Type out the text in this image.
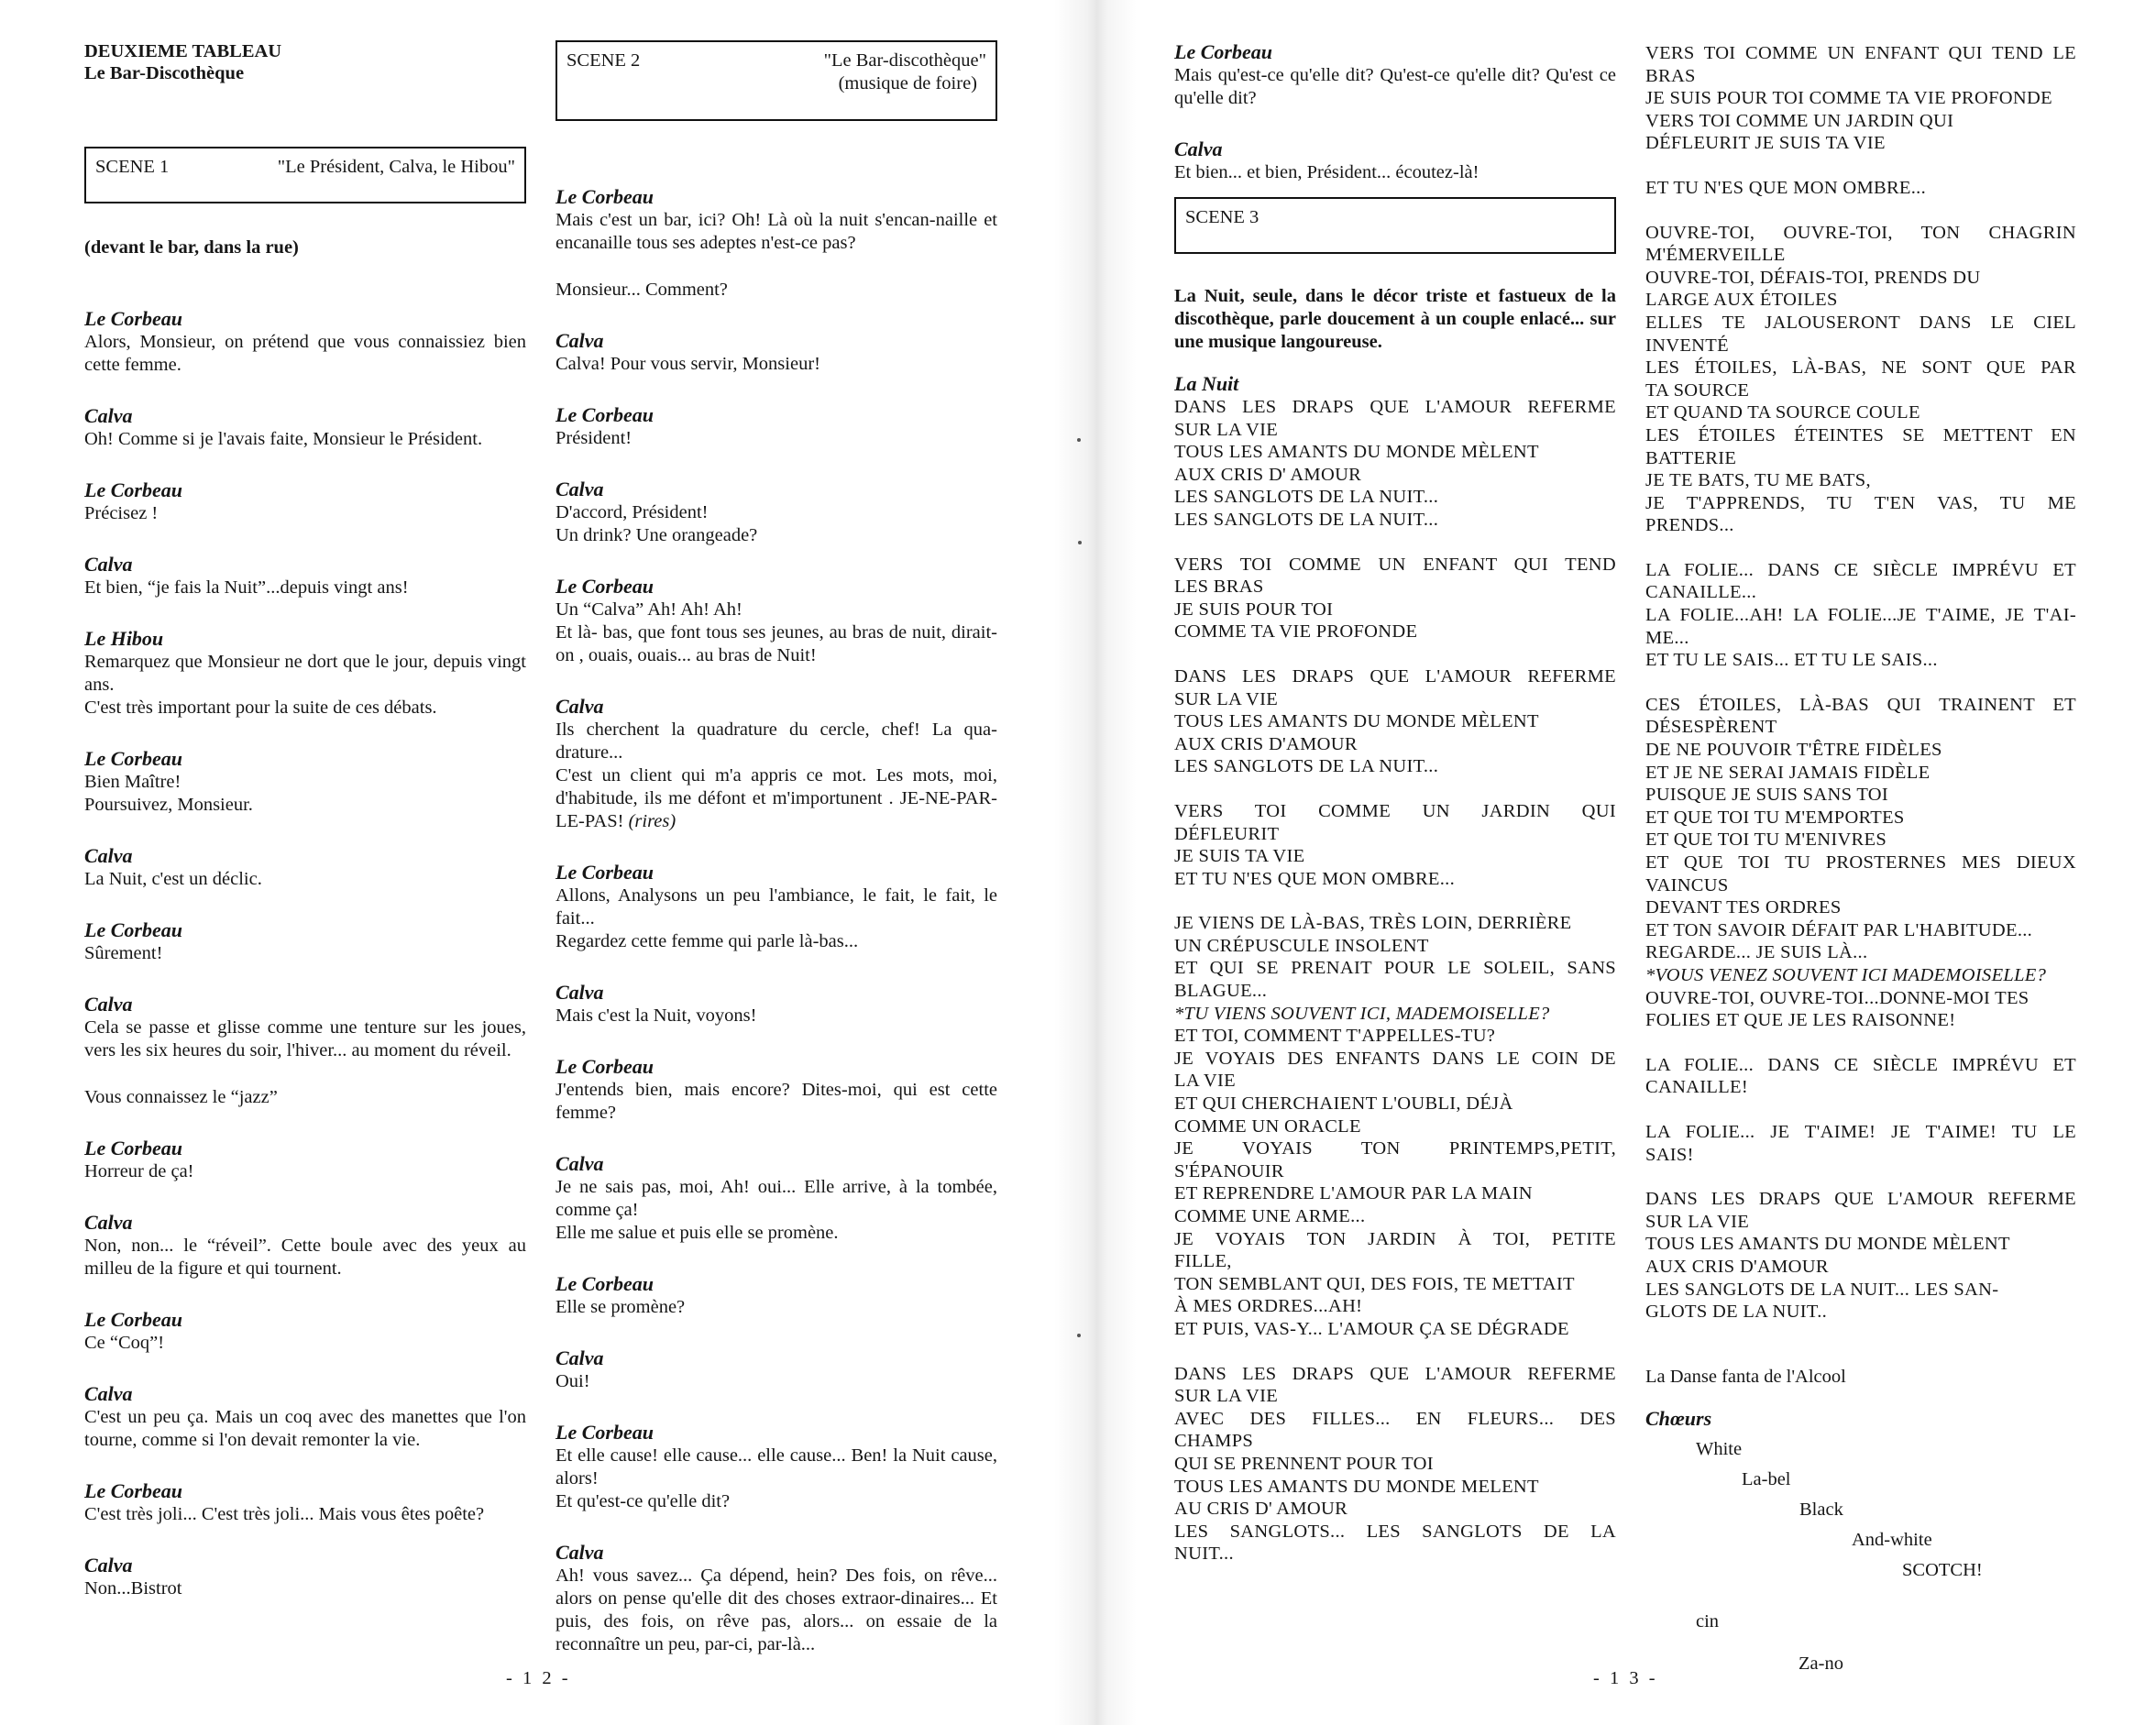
DEUXIEME TABLEAU
Le Bar-Discothèque
SCENE 1	"Le Président, Calva, le Hibou"
(devant le bar, dans la rue)
Le Corbeau
Alors, Monsieur, on prétend que vous connaissiez bien cette femme.
Calva
Oh! Comme si je l'avais faite, Monsieur le Président.
Le Corbeau
Précisez !
Calva
Et bien, “je fais la Nuit”...depuis vingt ans!
Le Hibou
Remarquez que Monsieur ne dort que le jour, depuis vingt ans.
C'est très important pour la suite de ces débats.
Le Corbeau
Bien Maître!
Poursuivez, Monsieur.
Calva
La Nuit, c'est un déclic.
Le Corbeau
Sûrement!
Calva
Cela se passe et glisse comme une tenture sur les joues, vers les six heures du soir, l'hiver... au moment du réveil.
Vous connaissez le “jazz”
Le Corbeau
Horreur de ça!
Calva
Non, non... le “réveil”. Cette boule avec des yeux au milleu de la figure et qui tournent.
Le Corbeau
Ce “Coq”!
Calva
C'est un peu ça. Mais un coq avec des manettes que l'on tourne, comme si l'on devait remonter la vie.
Le Corbeau
C'est très joli... C'est très joli... Mais vous êtes poête?
Calva
Non...Bistrot
SCENE 2	"Le Bar-discothèque"
(musique de foire)
Le Corbeau
Mais c'est un bar, ici? Oh! Là où la nuit s'encan-naille et encanaille tous ses adeptes n'est-ce pas?
Monsieur... Comment?
Calva
Calva! Pour vous servir, Monsieur!
Le Corbeau
Président!
Calva
D'accord, Président!
Un drink? Une orangeade?
Le Corbeau
Un “Calva” Ah! Ah! Ah!
Et là- bas, que font tous ses jeunes, au bras de nuit, dirait-on , ouais, ouais... au bras de Nuit!
Calva
Ils cherchent la quadrature du cercle, chef! La qua-drature...
C'est un client qui m'a appris ce mot. Les mots, moi, d'habitude, ils me défont et m'importunent . JE-NE-PAR-LE-PAS! (rires)
Le Corbeau
Allons, Analysons un peu l'ambiance, le fait, le fait, le fait...
Regardez cette femme qui parle là-bas...
Calva
Mais c'est la Nuit, voyons!
Le Corbeau
J'entends bien, mais encore? Dites-moi, qui est cette femme?
Calva
Je ne sais pas, moi, Ah! oui... Elle arrive, à la tombée, comme ça!
Elle me salue et puis elle se promène.
Le Corbeau
Elle se promène?
Calva
Oui!
Le Corbeau
Et elle cause! elle cause... elle cause... Ben! la Nuit cause, alors!
Et qu'est-ce qu'elle dit?
Calva
Ah! vous savez... Ça dépend, hein? Des fois, on rêve... alors on pense qu'elle dit des choses extraor-dinaires... Et puis, des fois, on rêve pas, alors... on essaie de la reconnaître un peu, par-ci, par-là...
- 1 2 -
Le Corbeau
Mais qu'est-ce qu'elle dit? Qu'est-ce qu'elle dit? Qu'est ce qu'elle dit?
Calva
Et bien... et bien, Président... écoutez-là!
SCENE 3
La Nuit, seule, dans le décor triste et fastueux de la discothèque, parle doucement à un couple enlacé... sur une musique langoureuse.
La Nuit
DANS LES DRAPS QUE L'AMOUR REFERME
SUR LA VIE
TOUS LES AMANTS DU MONDE MÈLENT
AUX CRIS D' AMOUR
LES SANGLOTS DE LA NUIT...
LES SANGLOTS DE LA NUIT...
VERS TOI COMME UN ENFANT QUI TEND
LES BRAS
JE SUIS POUR TOI
COMME TA VIE PROFONDE
DANS LES DRAPS QUE L'AMOUR REFERME
SUR LA VIE
TOUS LES AMANTS DU MONDE MÈLENT
AUX CRIS D'AMOUR
LES SANGLOTS DE LA NUIT...
VERS TOI COMME UN JARDIN QUI
DÉFLEURIT
JE SUIS TA VIE
ET TU N'ES QUE MON OMBRE...
JE VIENS DE LÀ-BAS, TRÈS LOIN, DERRIÈRE
UN CRÉPUSCULE INSOLENT
ET QUI SE PRENAIT POUR LE SOLEIL, SANS
BLAGUE...
*TU VIENS SOUVENT ICI, MADEMOISELLE?
ET TOI, COMMENT T'APPELLES-TU?
JE VOYAIS DES ENFANTS DANS LE COIN DE
LA VIE
ET QUI CHERCHAIENT L'OUBLI, DÉJÀ
COMME UN ORACLE
JE VOYAIS TON PRINTEMPS,PETIT,
S'ÉPANOUIR
ET REPRENDRE L'AMOUR PAR LA MAIN
COMME UNE ARME...
JE VOYAIS TON JARDIN À TOI, PETITE
FILLE,
TON SEMBLANT QUI, DES FOIS, TE METTAIT
À MES ORDRES...AH!
ET PUIS, VAS-Y... L'AMOUR ÇA SE DÉGRADE
DANS LES DRAPS QUE L'AMOUR REFERME
SUR LA VIE
AVEC DES FILLES... EN FLEURS... DES
CHAMPS
QUI SE PRENNENT POUR TOI
TOUS LES AMANTS DU MONDE MELENT
AU CRIS D' AMOUR
LES SANGLOTS... LES SANGLOTS DE LA
NUIT...
VERS TOI COMME UN ENFANT QUI TEND LE
BRAS
JE SUIS POUR TOI COMME TA VIE PROFONDE
VERS TOI COMME UN JARDIN QUI
DÉFLEURIT JE SUIS TA VIE
ET TU N'ES QUE MON OMBRE...
OUVRE-TOI, OUVRE-TOI, TON CHAGRIN
M'ÉMERVEILLE
OUVRE-TOI, DÉFAIS-TOI, PRENDS DU
LARGE AUX ÉTOILES
ELLES TE JALOUSERONT DANS LE CIEL
INVENTÉ
LES ÉTOILES, LÀ-BAS, NE SONT QUE PAR
TA SOURCE
ET QUAND TA SOURCE COULE
LES ÉTOILES ÉTEINTES SE METTENT EN
BATTERIE
JE TE BATS, TU ME BATS,
JE T'APPRENDS, TU T'EN VAS, TU ME
PRENDS...
LA FOLIE... DANS CE SIÈCLE IMPRÉVU ET
CANAILLE...
LA FOLIE...AH! LA FOLIE...JE T'AIME, JE T'AI-
ME...
ET TU LE SAIS... ET TU LE SAIS...
CES ÉTOILES, LÀ-BAS QUI TRAINENT ET
DÉSESPÈRENT
DE NE POUVOIR T'ÊTRE FIDÈLES
ET JE NE SERAI JAMAIS FIDÈLE
PUISQUE JE SUIS SANS TOI
ET QUE TOI TU M'EMPORTES
ET QUE TOI TU M'ENIVRES
ET QUE TOI TU PROSTERNES MES DIEUX
VAINCUS
DEVANT TES ORDRES
ET TON SAVOIR DÉFAIT PAR L'HABITUDE...
REGARDE... JE SUIS LÀ...
*VOUS VENEZ SOUVENT ICI MADEMOISELLE?
OUVRE-TOI, OUVRE-TOI...DONNE-MOI TES
FOLIES ET QUE JE LES RAISONNE!
LA FOLIE... DANS CE SIÈCLE IMPRÉVU ET
CANAILLE!
LA FOLIE... JE T'AIME! JE T'AIME! TU LE
SAIS!
DANS LES DRAPS QUE L'AMOUR REFERME
SUR LA VIE
TOUS LES AMANTS DU MONDE MÈLENT
AUX CRIS D'AMOUR
LES SANGLOTS DE LA NUIT... LES SAN-
GLOTS DE LA NUIT..
La Danse fanta de l'Alcool
Chœurs
White
La-bel
Black
And-white
SCOTCH!
cin
Za-no
- 1 3 -
